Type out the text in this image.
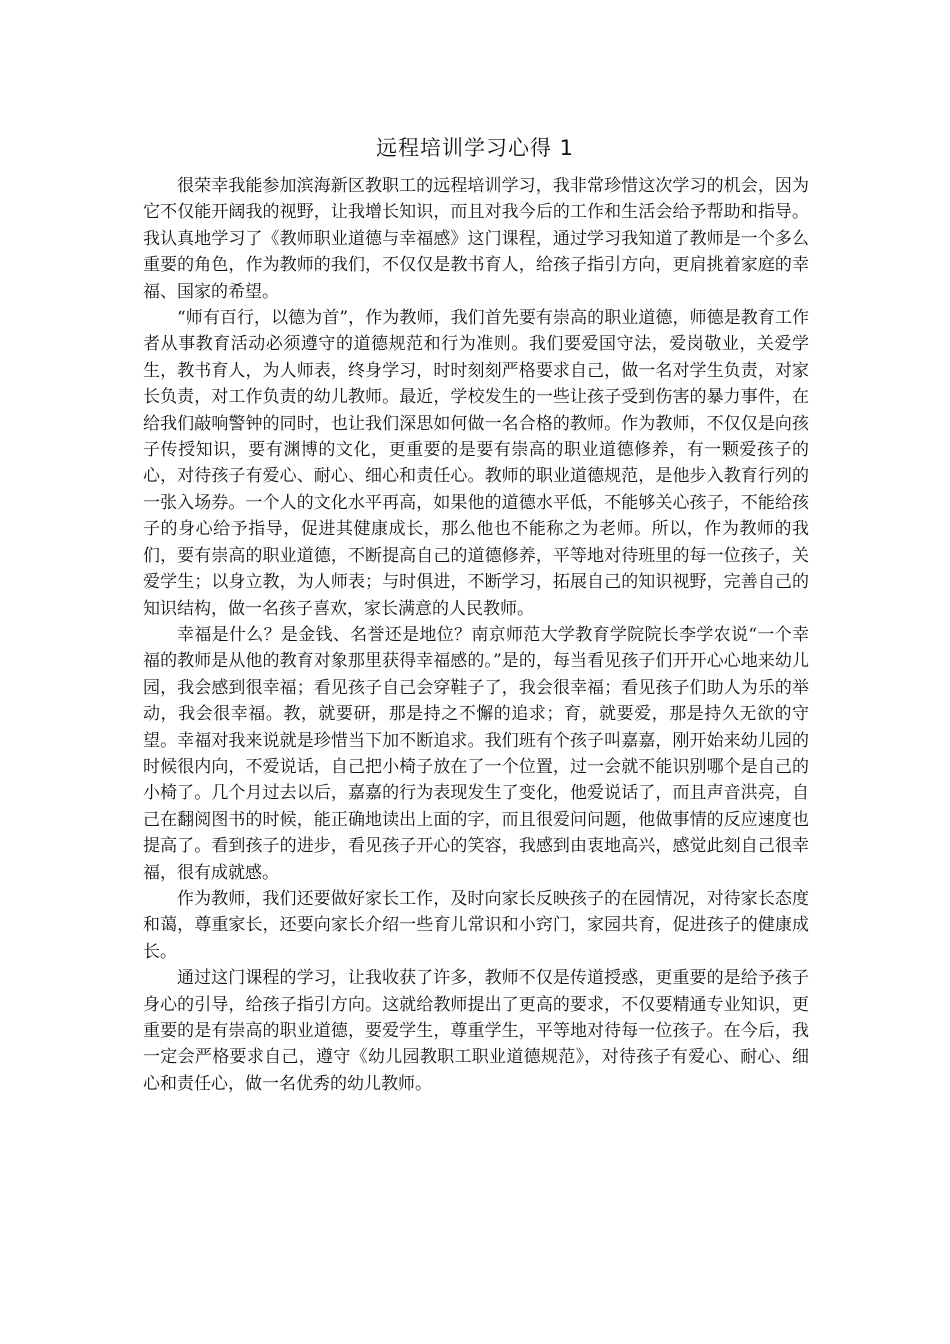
远程培训学习心得 1

很荣幸我能参加滨海新区教职工的远程培训学习，我非常珍惜这次学习的机会，因为它不仅能开阔我的视野，让我增长知识，而且对我今后的工作和生活会给予帮助和指导。我认真地学习了《教师职业道德与幸福感》这门课程，通过学习我知道了教师是一个多么重要的角色，作为教师的我们，不仅仅是教书育人，给孩子指引方向，更肩挑着家庭的幸福、国家的希望。

“师有百行，以德为首”，作为教师，我们首先要有崇高的职业道德，师德是教育工作者从事教育活动必须遵守的道德规范和行为准则。我们要爱国守法，爱岗敬业，关爱学生，教书育人，为人师表，终身学习，时时刻刻严格要求自己，做一名对学生负责，对家长负责，对工作负责的幼儿教师。最近，学校发生的一些让孩子受到伤害的暴力事件，在给我们敲响警钟的同时，也让我们深思如何做一名合格的教师。作为教师，不仅仅是向孩子传授知识，要有渊博的文化，更重要的是要有崇高的职业道德修养，有一颗爱孩子的心，对待孩子有爱心、耐心、细心和责任心。教师的职业道德规范，是他步入教育行列的一张入场券。一个人的文化水平再高，如果他的道德水平低，不能够关心孩子，不能给孩子的身心给予指导，促进其健康成长，那么他也不能称之为老师。所以，作为教师的我们，要有崇高的职业道德，不断提高自己的道德修养，平等地对待班里的每一位孩子，关爱学生；以身立教，为人师表；与时俱进，不断学习，拓展自己的知识视野，完善自己的知识结构，做一名孩子喜欢，家长满意的人民教师。

幸福是什么？是金钱、名誉还是地位？南京师范大学教育学院院长李学农说“一个幸福的教师是从他的教育对象那里获得幸福感的。”是的，每当看见孩子们开开心心地来幼儿园，我会感到很幸福；看见孩子自己会穿鞋子了，我会很幸福；看见孩子们助人为乐的举动，我会很幸福。教，就要研，那是持之不懈的追求；育，就要爱，那是持久无欲的守望。幸福对我来说就是珍惜当下加不断追求。我们班有个孩子叫嘉嘉，刚开始来幼儿园的时候很内向，不爱说话，自己把小椅子放在了一个位置，过一会就不能识别哪个是自己的小椅了。几个月过去以后，嘉嘉的行为表现发生了变化，他爱说话了，而且声音洪亮，自己在翻阅图书的时候，能正确地读出上面的字，而且很爱问问题，他做事情的反应速度也提高了。看到孩子的进步，看见孩子开心的笑容，我感到由衷地高兴，感觉此刻自己很幸福，很有成就感。

作为教师，我们还要做好家长工作，及时向家长反映孩子的在园情况，对待家长态度和蔼，尊重家长，还要向家长介绍一些育儿常识和小窍门，家园共育，促进孩子的健康成长。

通过这门课程的学习，让我收获了许多，教师不仅是传道授惑，更重要的是给予孩子身心的引导，给孩子指引方向。这就给教师提出了更高的要求，不仅要精通专业知识，更重要的是有崇高的职业道德，要爱学生，尊重学生，平等地对待每一位孩子。在今后，我一定会严格要求自己，遵守《幼儿园教职工职业道德规范》，对待孩子有爱心、耐心、细心和责任心，做一名优秀的幼儿教师。
